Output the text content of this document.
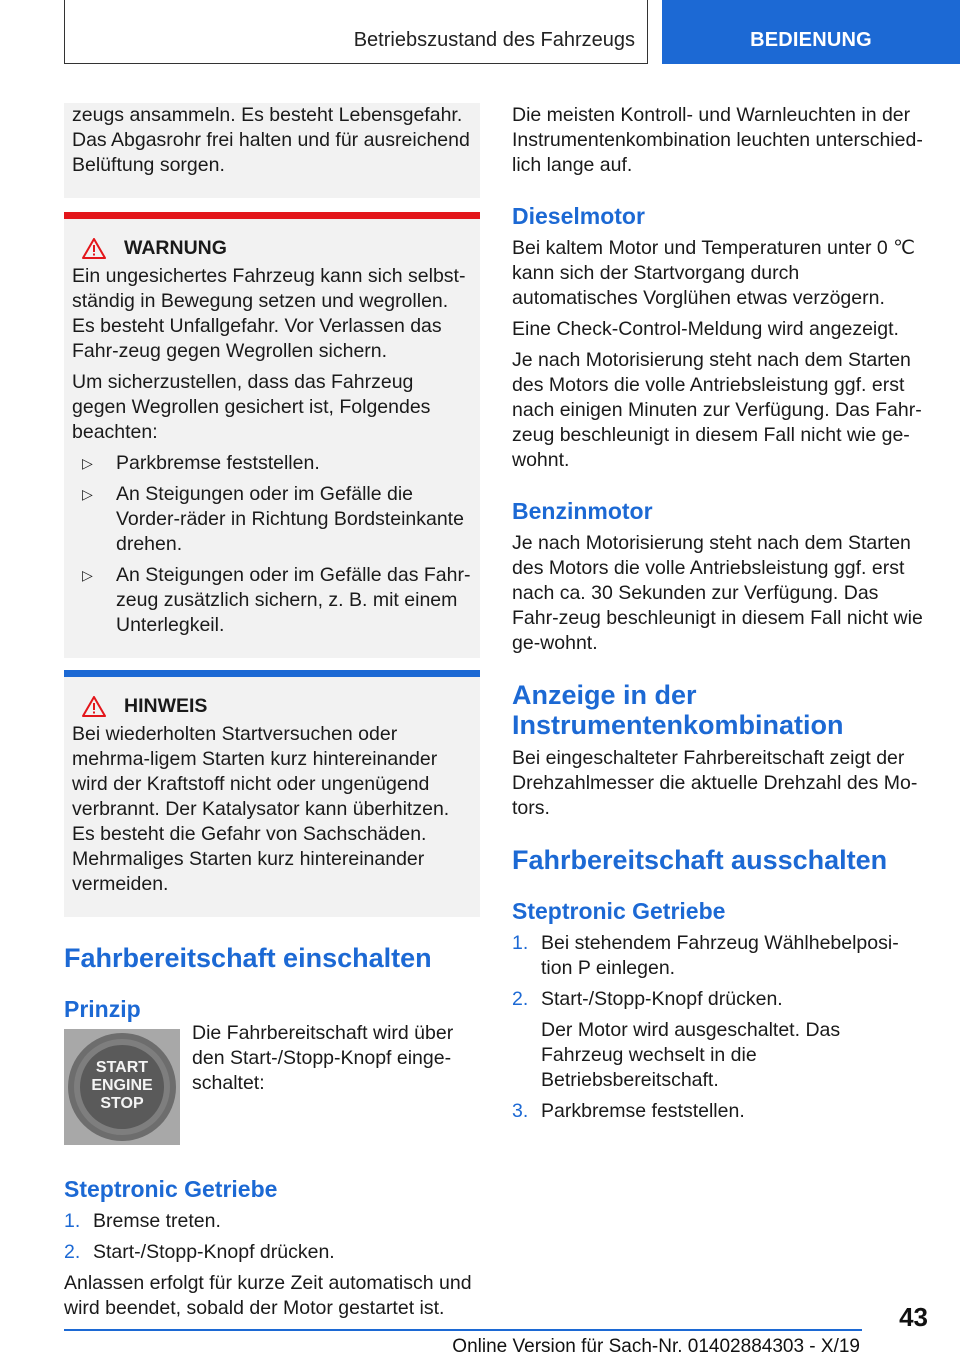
Betriebszustand des Fahrzeugs	BEDIENUNG

zeugs ansammeln. Es besteht Lebensgefahr.

Das Abgasrohr frei halten und für ausreichend

Belüftung sorgen.

WARNUNG

Ein ungesichertes Fahrzeug kann sich selbst-ständig in Bewegung setzen und wegrollen. Es besteht Unfallgefahr. Vor Verlassen das Fahr-zeug gegen Wegrollen sichern.

Um sicherzustellen, dass das Fahrzeug gegen Wegrollen gesichert ist, Folgendes beachten:

▷	Parkbremse feststellen.

▷	An Steigungen oder im Gefälle die Vorder-räder in Richtung Bordsteinkante drehen.

▷	An Steigungen oder im Gefälle das Fahr-zeug zusätzlich sichern, z. B. mit einem Unterlegkeil.

HINWEIS

Bei wiederholten Startversuchen oder mehrma-ligem Starten kurz hintereinander wird der Kraftstoff nicht oder ungenügend verbrannt. Der Katalysator kann überhitzen. Es besteht die Gefahr von Sachschäden. Mehrmaliges Starten kurz hintereinander vermeiden.

Fahrbereitschaft einschalten
Prinzip
START
ENGINE
STOP

Die Fahrbereitschaft wird über den Start-/Stopp-Knopf einge-schaltet:

Steptronic Getriebe
1. Bremse treten.

2. Start-/Stopp-Knopf drücken.

Anlassen erfolgt für kurze Zeit automatisch und wird beendet, sobald der Motor gestartet ist.

Die meisten Kontroll- und Warnleuchten in der Instrumentenkombination leuchten unterschied-lich lange auf.

Dieselmotor

Bei kaltem Motor und Temperaturen unter 0 ℃ kann sich der Startvorgang durch automatisches Vorglühen etwas verzögern.

Eine Check-Control-Meldung wird angezeigt.

Je nach Motorisierung steht nach dem Starten des Motors die volle Antriebsleistung ggf. erst nach einigen Minuten zur Verfügung. Das Fahr-zeug beschleunigt in diesem Fall nicht wie ge-wohnt.

Benzinmotor

Je nach Motorisierung steht nach dem Starten des Motors die volle Antriebsleistung ggf. erst nach ca. 30 Sekunden zur Verfügung. Das Fahr-zeug beschleunigt in diesem Fall nicht wie ge-wohnt.

Anzeige in der Instrumentenkombination

Bei eingeschalteter Fahrbereitschaft zeigt der Drehzahlmesser die aktuelle Drehzahl des Mo-tors.

Fahrbereitschaft ausschalten
Steptronic Getriebe
1. Bei stehendem Fahrzeug Wählhebelposi-tion P einlegen.

2. Start-/Stopp-Knopf drücken.

Der Motor wird ausgeschaltet. Das Fahrzeug wechselt in die Betriebsbereitschaft.

3. Parkbremse feststellen.

43
Online Version für Sach-Nr. 01402884303 - X/19
